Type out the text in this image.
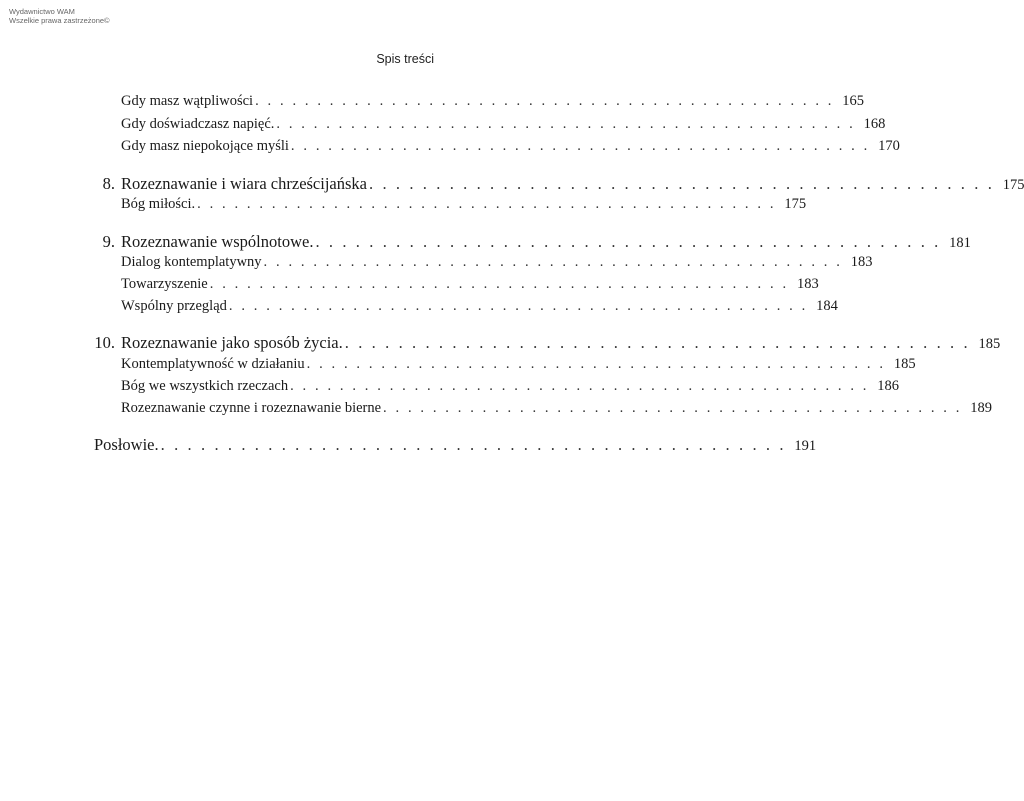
Wydawnictwo WAM
Wszelkie prawa zastrzeżone©
Spis treści
Gdy masz wątpliwości . . . . . . . . . . . . . . . . . . . . . . . . . . . . . . . . . . . . . . . . . . . . . . . 165
Gdy doświadczasz napięć. . . . . . . . . . . . . . . . . . . . . . . . . . . . . . . . . . . . . . . . . . . . . . . . 168
Gdy masz niepokojące myśli . . . . . . . . . . . . . . . . . . . . . . . . . . . . . . . . . . . . . . . . . . . . . . . 170
8. Rozeznawanie i wiara chrześcijańska . . . . . . . . . . . . . . . . . . . . . . . . . . . . . . . . . . . . . . . . . . . . . . . 175
Bóg miłości. . . . . . . . . . . . . . . . . . . . . . . . . . . . . . . . . . . . . . . . . . . . . . . . 175
9. Rozeznawanie wspólnotowe. . . . . . . . . . . . . . . . . . . . . . . . . . . . . . . . . . . . . . . . . . . . . . . . 181
Dialog kontemplatywny . . . . . . . . . . . . . . . . . . . . . . . . . . . . . . . . . . . . . . . . . . . . . . . 183
Towarzyszenie . . . . . . . . . . . . . . . . . . . . . . . . . . . . . . . . . . . . . . . . . . . . . . . 183
Wspólny przegląd . . . . . . . . . . . . . . . . . . . . . . . . . . . . . . . . . . . . . . . . . . . . . . . 184
10. Rozeznawanie jako sposób życia. . . . . . . . . . . . . . . . . . . . . . . . . . . . . . . . . . . . . . . . . . . . . . . . 185
Kontemplatywność w działaniu . . . . . . . . . . . . . . . . . . . . . . . . . . . . . . . . . . . . . . . . . . . . . . . 185
Bóg we wszystkich rzeczach . . . . . . . . . . . . . . . . . . . . . . . . . . . . . . . . . . . . . . . . . . . . . . . 186
Rozeznawanie czynne i rozeznawanie bierne . . . . . . . . . . . . . . . . . . . . . . . . . . . . . . . . . . . . . . . . . . . . . . . 189
Posłowie. . . . . . . . . . . . . . . . . . . . . . . . . . . . . . . . . . . . . . . . . . . . . . . . 191
